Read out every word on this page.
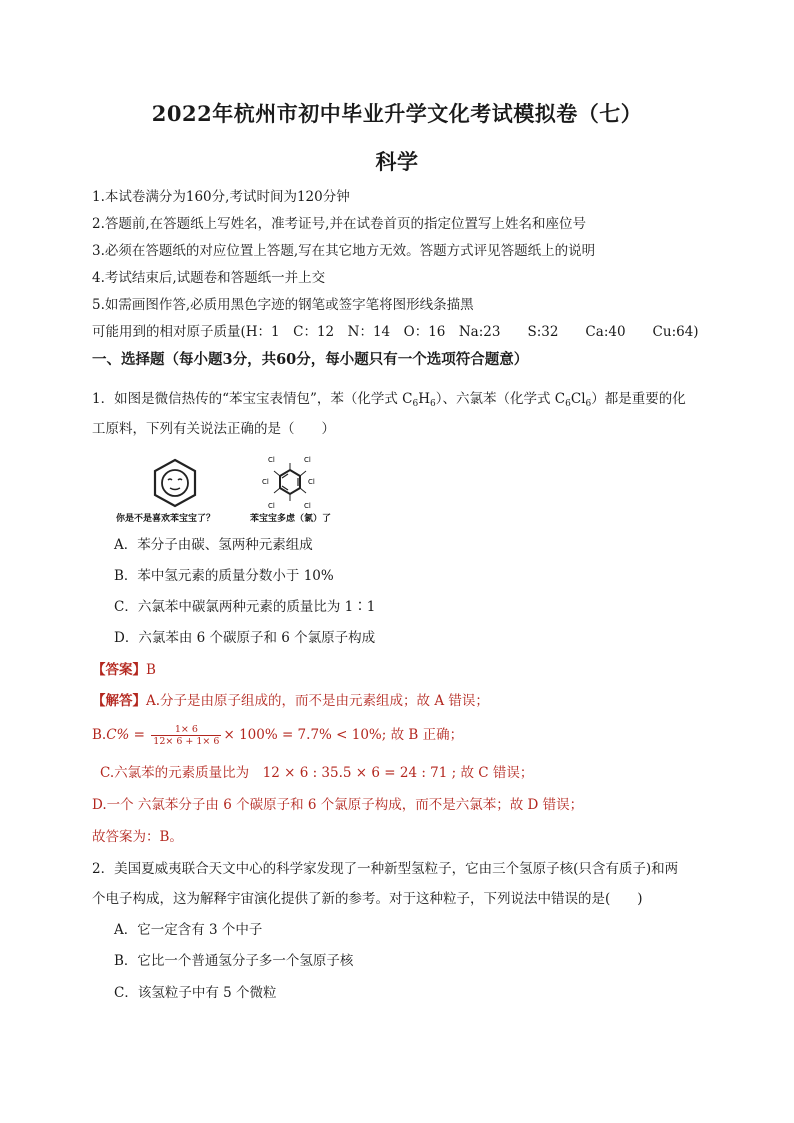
2022年杭州市初中毕业升学文化考试模拟卷（七）
科学
1.本试卷满分为160分,考试时间为120分钟
2.答题前,在答题纸上写姓名，准考证号,并在试卷首页的指定位置写上姓名和座位号
3.必须在答题纸的对应位置上答题,写在其它地方无效。答题方式评见答题纸上的说明
4.考试结束后,试题卷和答题纸一并上交
5.如需画图作答,必质用黑色字迹的钢笔或签字笔将图形线条描黑
可能用到的相对原子质量(H：1　C：12　N：14　O：16　Na:23　　S:32　　Ca:40　　Cu:64)
一、选择题（每小题3分，共60分，每小题只有一个选项符合题意）
1．如图是微信热传的“苯宝宝表情包”，苯（化学式 $C_6H_6$）、六氯苯（化学式 $C_6Cl_6$）都是重要的化
工原料，下列有关说法正确的是（　　）
Cl	Cl
Cl	Cl
Cl	Cl
你是不是喜欢苯宝宝了？	苯宝宝多虑（氯）了
A．苯分子由碳、氢两种元素组成
B．苯中氢元素的质量分数小于 10%
C．六氯苯中碳氯两种元素的质量比为 1∶1
D．六氯苯由 6 个碳原子和 6 个氯原子构成
【答案】B
【解答】A.分子是由原子组成的，而不是由元素组成；故 A 错误；
$B.C\% = \frac{1\times 6}{12\times 6 + 1\times 6} \times 100\% = 7.7\% < 10\%$; 故 B 正确；
C.六氯苯的元素质量比为　12 × 6 : 35.5 × 6 = 24 : 71 ; 故 C 错误；
D.一个 六氯苯分子由 6 个碳原子和 6 个氯原子构成，而不是六氯苯；故 D 错误；
故答案为：B。
2．美国夏威夷联合天文中心的科学家发现了一种新型氢粒子，它由三个氢原子核(只含有质子)和两
个电子构成，这为解释宇宙演化提供了新的参考。对于这种粒子，下列说法中错误的是(　　)
A．它一定含有 3 个中子
B．它比一个普通氢分子多一个氢原子核
C．该氢粒子中有 5 个微粒
